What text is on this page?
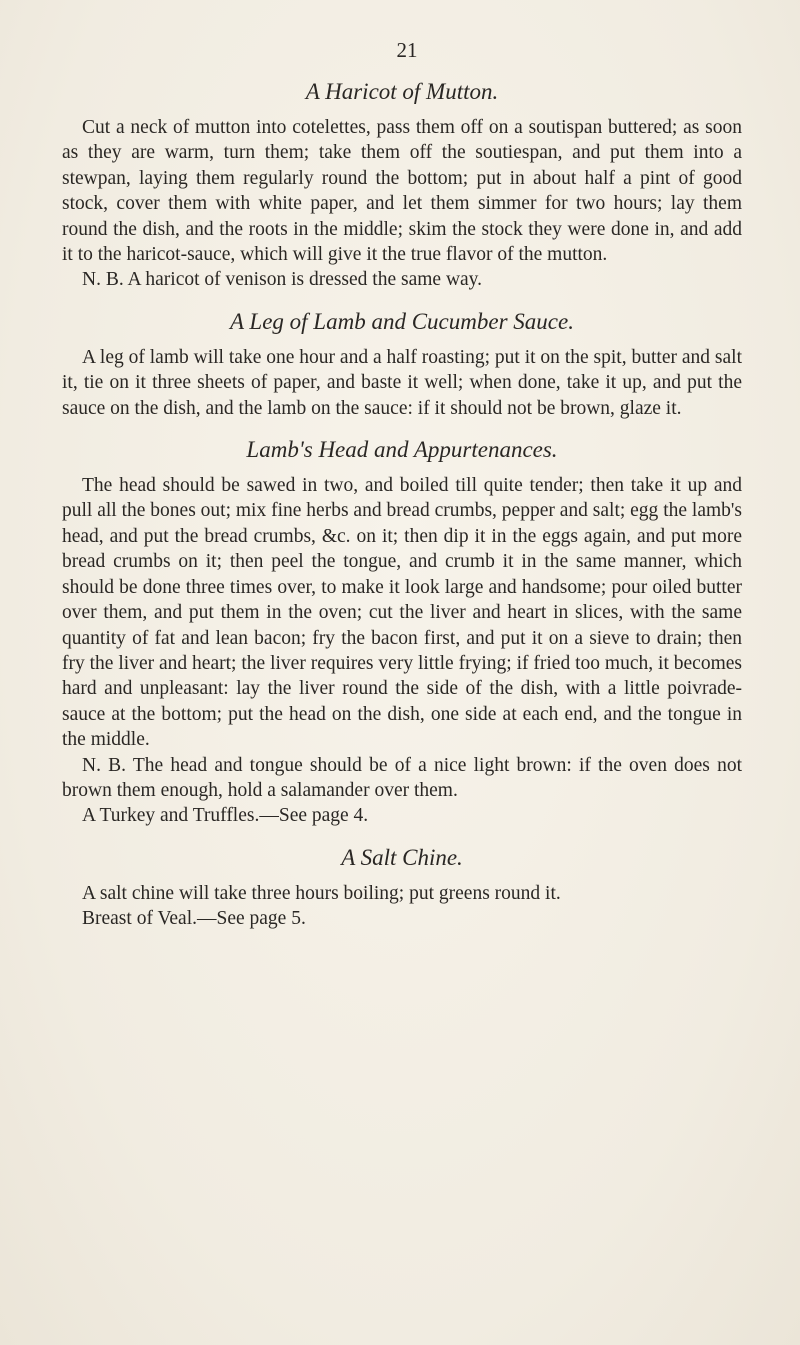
21
A Haricot of Mutton.

Cut a neck of mutton into cotelettes, pass them off on a soutispan buttered; as soon as they are warm, turn them; take them off the soutiespan, and put them into a stewpan, laying them regularly round the bottom; put in about half a pint of good stock, cover them with white paper, and let them simmer for two hours; lay them round the dish, and the roots in the middle; skim the stock they were done in, and add it to the haricot-sauce, which will give it the true flavor of the mutton.

N. B. A haricot of venison is dressed the same way.

A Leg of Lamb and Cucumber Sauce.

A leg of lamb will take one hour and a half roasting; put it on the spit, butter and salt it, tie on it three sheets of paper, and baste it well; when done, take it up, and put the sauce on the dish, and the lamb on the sauce: if it should not be brown, glaze it.

Lamb's Head and Appurtenances.

The head should be sawed in two, and boiled till quite tender; then take it up and pull all the bones out; mix fine herbs and bread crumbs, pepper and salt; egg the lamb's head, and put the bread crumbs, &c. on it; then dip it in the eggs again, and put more bread crumbs on it; then peel the tongue, and crumb it in the same manner, which should be done three times over, to make it look large and handsome; pour oiled butter over them, and put them in the oven; cut the liver and heart in slices, with the same quantity of fat and lean bacon; fry the bacon first, and put it on a sieve to drain; then fry the liver and heart; the liver requires very little frying; if fried too much, it becomes hard and unpleasant: lay the liver round the side of the dish, with a little poivrade-sauce at the bottom; put the head on the dish, one side at each end, and the tongue in the middle.

N. B. The head and tongue should be of a nice light brown: if the oven does not brown them enough, hold a salamander over them.

A Turkey and Truffles.—See page 4.

A Salt Chine.

A salt chine will take three hours boiling; put greens round it.

Breast of Veal.—See page 5.
